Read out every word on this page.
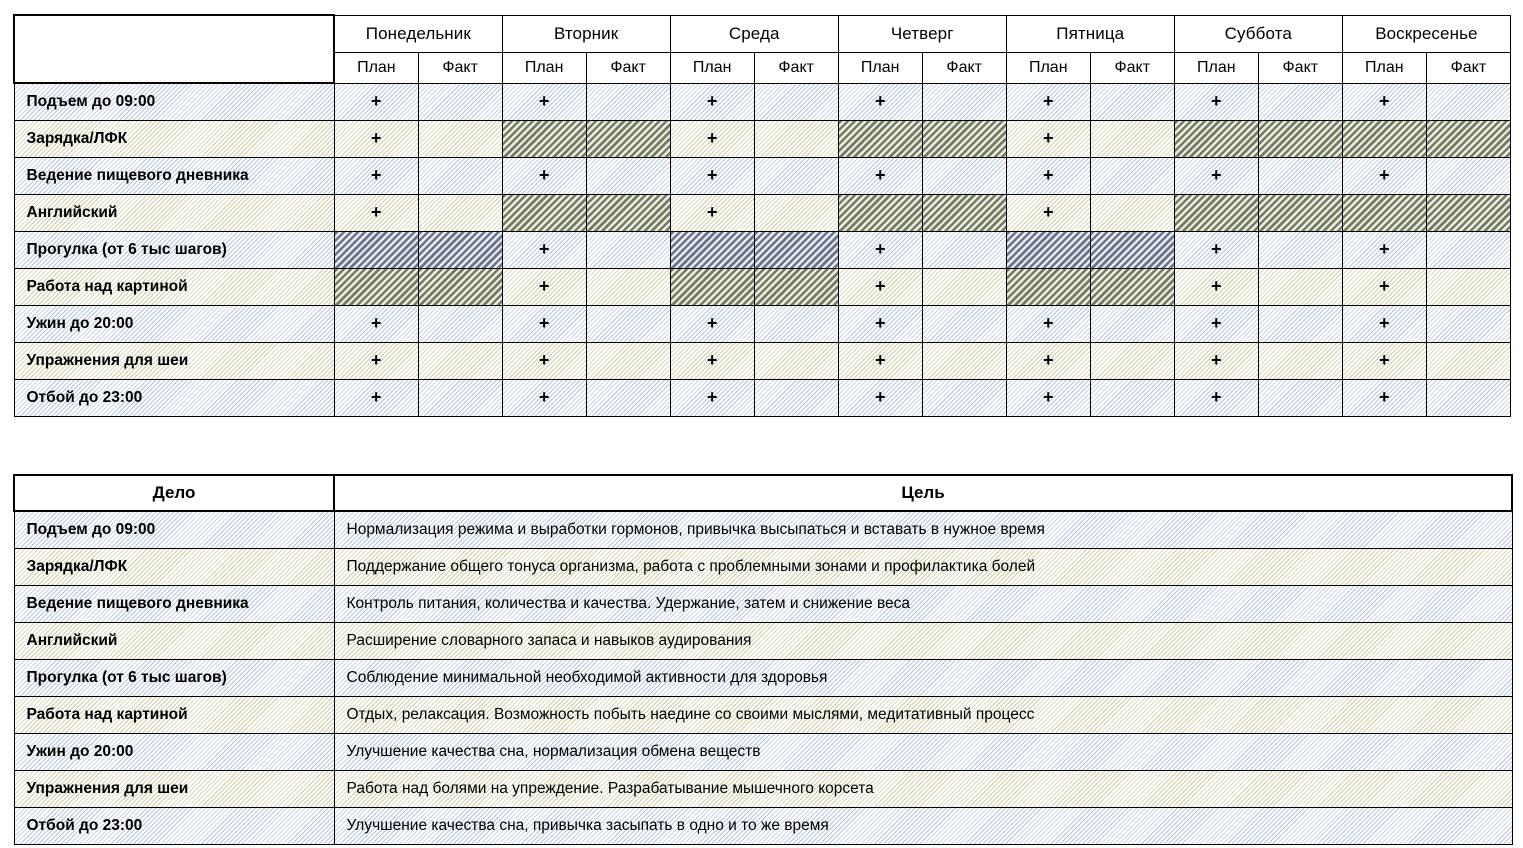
	Понедельник		Вторник		Среда		Четверг		Пятница		Суббота		Воскресенье	
	План	Факт	План	Факт	План	Факт	План	Факт	План	Факт	План	Факт	План	Факт
Подъем до 09:00	+		+		+		+		+		+		+	
Зарядка/ЛФК	+				+				+					
Ведение пищевого дневника	+		+		+		+		+		+		+	
Английский	+				+				+					
Прогулка (от 6 тыс шагов)			+				+				+		+	
Работа над картиной			+				+				+		+	
Ужин до 20:00	+		+		+		+		+		+		+	
Упражнения для шеи	+		+		+		+		+		+		+	
Отбой до 23:00	+		+		+		+		+		+		+	
Дело	Цель
Подъем до 09:00	Нормализация режима и выработки гормонов, привычка высыпаться и вставать в нужное время
Зарядка/ЛФК	Поддержание общего тонуса организма, работа с проблемными зонами и профилактика болей
Ведение пищевого дневника	Контроль питания, количества и качества. Удержание, затем и снижение веса
Английский	Расширение словарного запаса и навыков аудирования
Прогулка (от 6 тыс шагов)	Соблюдение минимальной необходимой активности для здоровья
Работа над картиной	Отдых, релаксация. Возможность побыть наедине со своими мыслями, медитативный процесс
Ужин до 20:00	Улучшение качества сна, нормализация обмена веществ
Упражнения для шеи	Работа над болями на упреждение. Разрабатывание мышечного корсета
Отбой до 23:00	Улучшение качества сна, привычка засыпать в одно и то же время
